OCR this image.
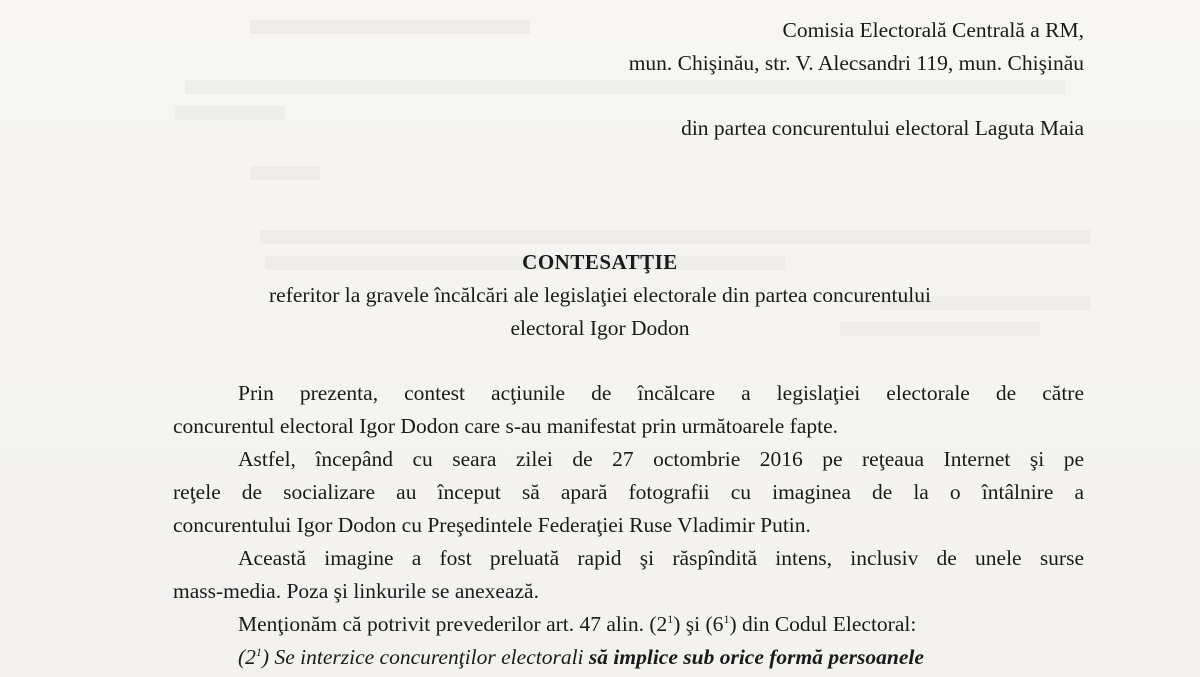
Comisia Electorală Centrală a RM,
mun. Chişinău, str. V. Alecsandri 119, mun. Chişinău
din partea concurentului electoral Laguta Maia
CONTESATŢIE
referitor la gravele încălcări ale legislaţiei electorale din partea concurentului
electoral Igor Dodon
Prin prezenta, contest acţiunile de încălcare a legislaţiei electorale de către
concurentul electoral Igor Dodon care s-au manifestat prin următoarele fapte.
Astfel, începând cu seara zilei de 27 octombrie 2016 pe reţeaua Internet şi pe
reţele de socializare au început să apară fotografii cu imaginea de la o întâlnire a
concurentului Igor Dodon cu Preşedintele Federaţiei Ruse Vladimir Putin.
Această imagine a fost preluată rapid şi răspîndită intens, inclusiv de unele surse
mass-media. Poza şi linkurile se anexează.
Menţionăm că potrivit prevederilor art. 47 alin. $(2^1)$ şi $(6^1)$ din Codul Electoral:
$(2^1)$ Se interzice concurenţilor electorali să implice sub orice formă persoanele
